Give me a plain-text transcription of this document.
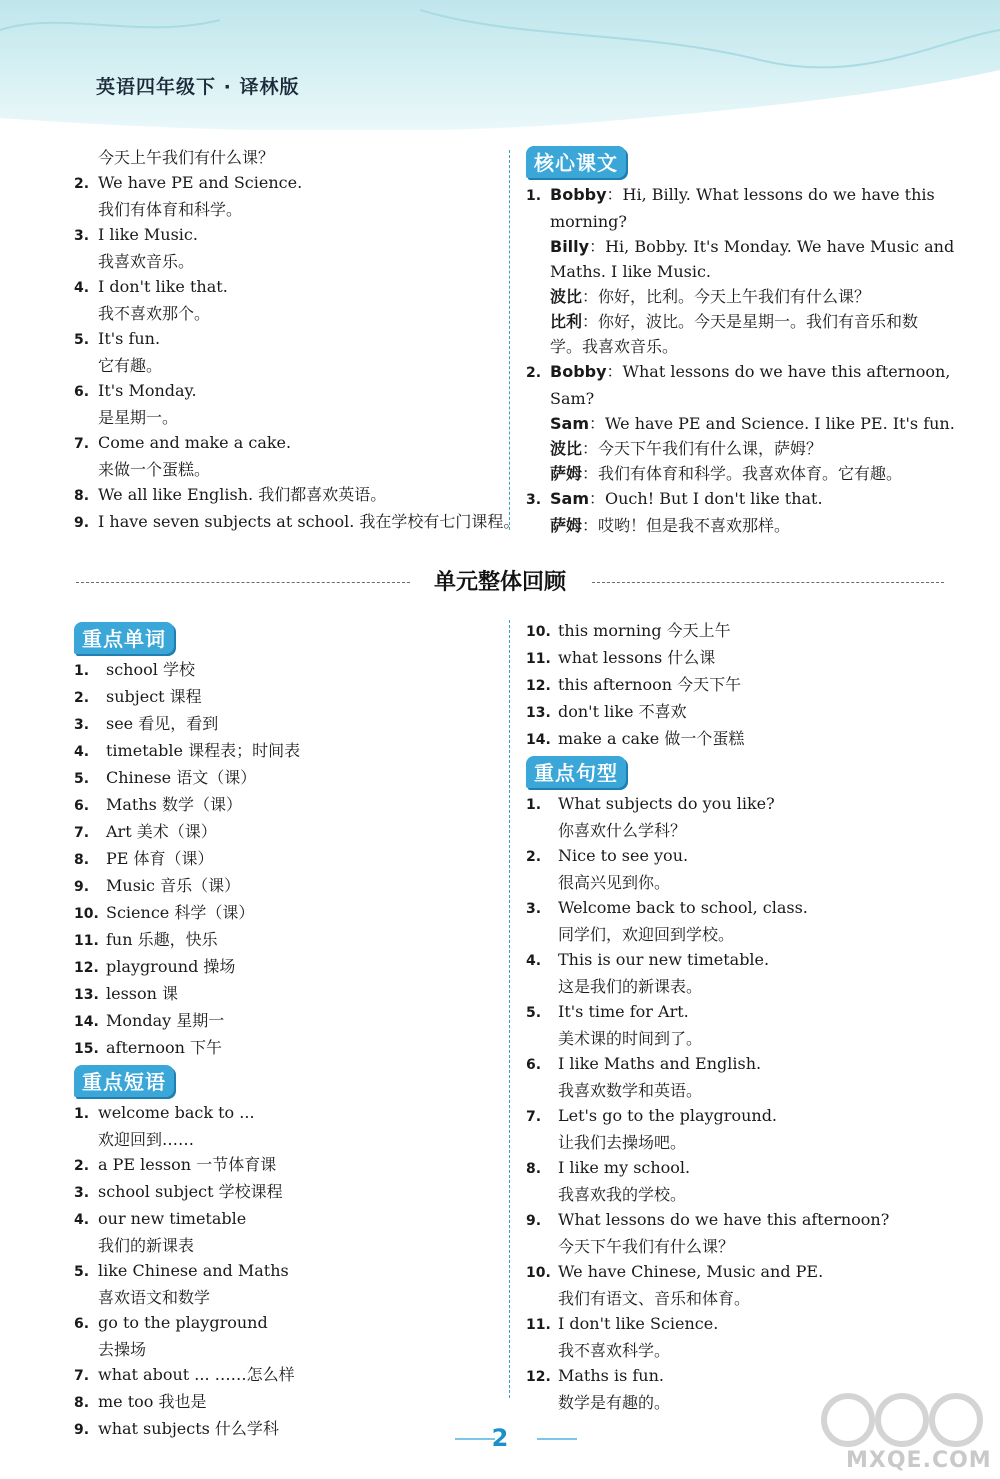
英语四年级下 · 译林版
今天上午我们有什么课？
2. We have PE and Science.
我们有体育和科学。
3. I like Music.
我喜欢音乐。
4. I don't like that.
我不喜欢那个。
5. It's fun.
它有趣。
6. It's Monday.
是星期一。
7. Come and make a cake.
来做一个蛋糕。
8. We all like English. 我们都喜欢英语。
9. I have seven subjects at school. 我在学校有七门课程。
核心课文
1. Bobby：Hi, Billy. What lessons do we have this
morning?
Billy：Hi, Bobby. It's Monday. We have Music and
Maths. I like Music.
波比：你好，比利。今天上午我们有什么课？
比利：你好，波比。今天是星期一。我们有音乐和数
学。我喜欢音乐。
2. Bobby：What lessons do we have this afternoon,
Sam?
Sam：We have PE and Science. I like PE. It's fun.
波比：今天下午我们有什么课，萨姆？
萨姆：我们有体育和科学。我喜欢体育。它有趣。
3. Sam：Ouch! But I don't like that.
萨姆：哎哟！但是我不喜欢那样。
单元整体回顾
重点单词
1. school 学校
2. subject 课程
3. see 看见，看到
4. timetable 课程表；时间表
5. Chinese 语文（课）
6. Maths 数学（课）
7. Art 美术（课）
8. PE 体育（课）
9. Music 音乐（课）
10. Science 科学（课）
11. fun 乐趣，快乐
12. playground 操场
13. lesson 课
14. Monday 星期一
15. afternoon 下午
重点短语
1. welcome back to ...
欢迎回到……
2. a PE lesson 一节体育课
3. school subject 学校课程
4. our new timetable
我们的新课表
5. like Chinese and Maths
喜欢语文和数学
6. go to the playground
去操场
7. what about ... ……怎么样
8. me too 我也是
9. what subjects 什么学科
10. this morning 今天上午
11. what lessons 什么课
12. this afternoon 今天下午
13. don't like 不喜欢
14. make a cake 做一个蛋糕
重点句型
1. What subjects do you like?
你喜欢什么学科？
2. Nice to see you.
很高兴见到你。
3. Welcome back to school, class.
同学们，欢迎回到学校。
4. This is our new timetable.
这是我们的新课表。
5. It's time for Art.
美术课的时间到了。
6. I like Maths and English.
我喜欢数学和英语。
7. Let's go to the playground.
让我们去操场吧。
8. I like my school.
我喜欢我的学校。
9. What lessons do we have this afternoon?
今天下午我们有什么课？
10. We have Chinese, Music and PE.
我们有语文、音乐和体育。
11. I don't like Science.
我不喜欢科学。
12. Maths is fun.
数学是有趣的。
2
MXQE.COM
